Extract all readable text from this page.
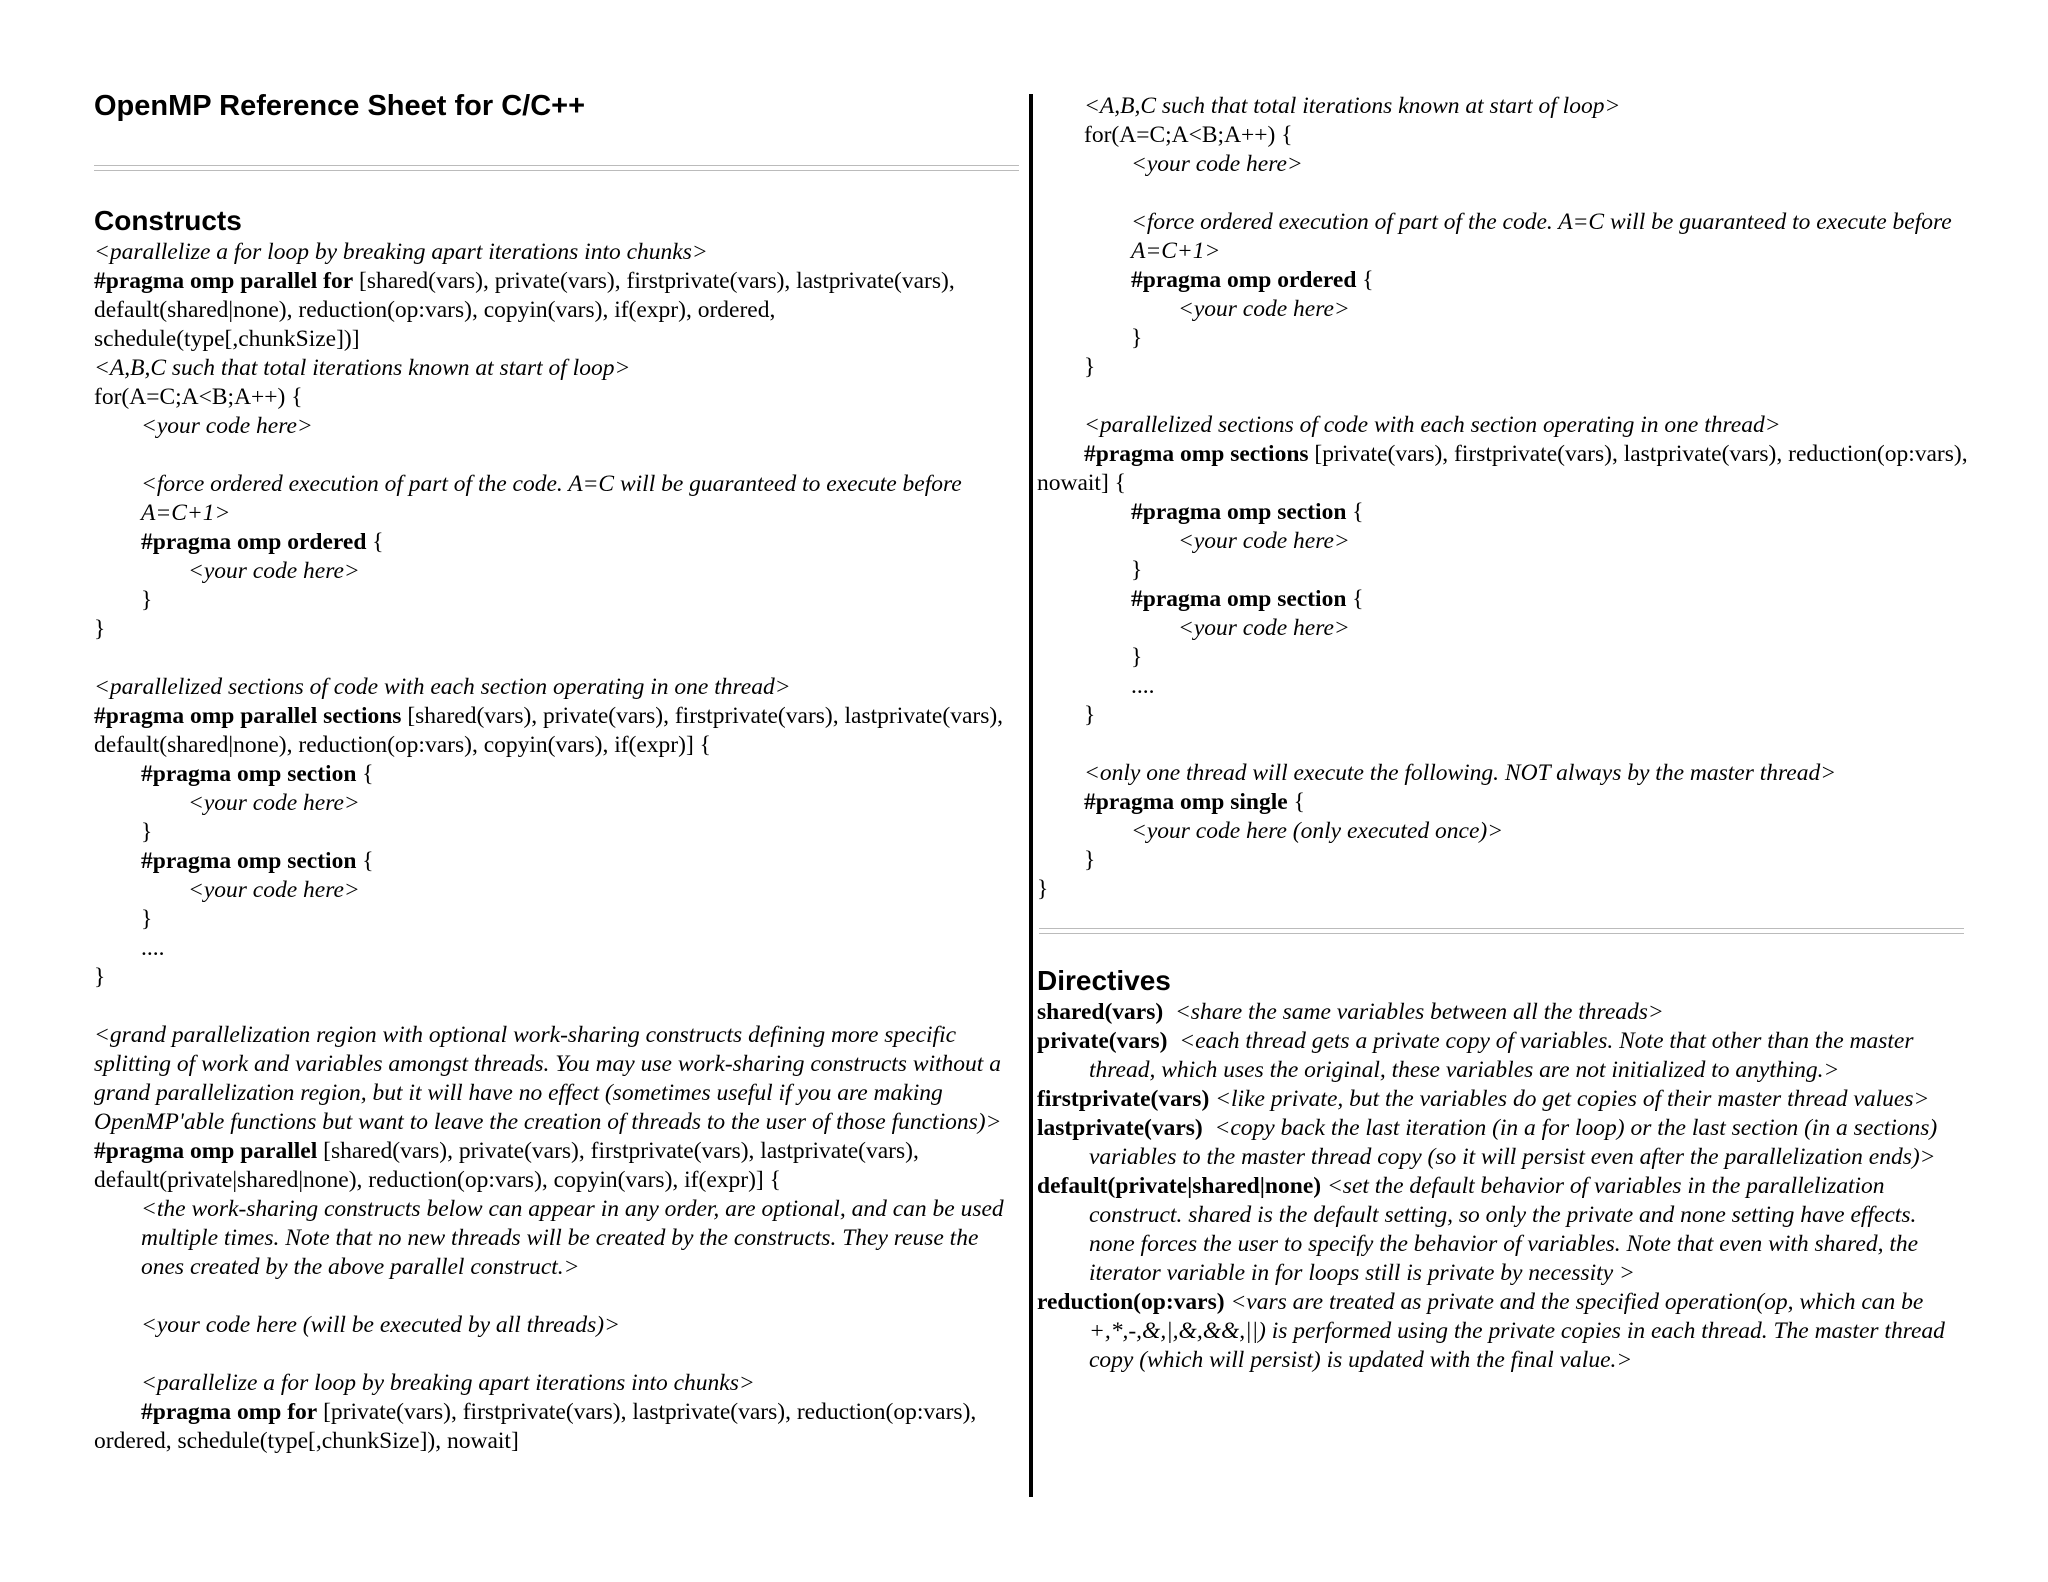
OpenMP Reference Sheet for C/C++
Constructs

<parallelize a for loop by breaking apart iterations into chunks>

#pragma omp parallel for [shared(vars), private(vars), firstprivate(vars), lastprivate(vars), default(shared|none), reduction(op:vars), copyin(vars), if(expr), ordered, schedule(type[,chunkSize])]

<A,B,C such that total iterations known at start of loop>

for(A=C;A<B;A++) {

<your code here>

<force ordered execution of part of the code. A=C will be guaranteed to execute before A=C+1>

#pragma omp ordered {

<your code here>

}

}

<parallelized sections of code with each section operating in one thread>

#pragma omp parallel sections [shared(vars), private(vars), firstprivate(vars), lastprivate(vars), default(shared|none), reduction(op:vars), copyin(vars), if(expr)] {

#pragma omp section {

<your code here>

}

#pragma omp section {

<your code here>

}

....

}

<grand parallelization region with optional work-sharing constructs defining more specific splitting of work and variables amongst threads. You may use work-sharing constructs without a grand parallelization region, but it will have no effect (sometimes useful if you are making OpenMP'able functions but want to leave the creation of threads to the user of those functions)>

#pragma omp parallel [shared(vars), private(vars), firstprivate(vars), lastprivate(vars), default(private|shared|none), reduction(op:vars), copyin(vars), if(expr)] {

<the work-sharing constructs below can appear in any order, are optional, and can be used multiple times. Note that no new threads will be created by the constructs. They reuse the ones created by the above parallel construct.>

<your code here (will be executed by all threads)>

<parallelize a for loop by breaking apart iterations into chunks>

#pragma omp for [private(vars), firstprivate(vars), lastprivate(vars), reduction(op:vars), ordered, schedule(type[,chunkSize]), nowait]

<A,B,C such that total iterations known at start of loop>

for(A=C;A<B;A++) {

<your code here>

<force ordered execution of part of the code. A=C will be guaranteed to execute before A=C+1>

#pragma omp ordered {

<your code here>

}

}

<parallelized sections of code with each section operating in one thread>

#pragma omp sections [private(vars), firstprivate(vars), lastprivate(vars), reduction(op:vars), nowait] {

#pragma omp section {

<your code here>

}

#pragma omp section {

<your code here>

}

....

}

<only one thread will execute the following. NOT always by the master thread>

#pragma omp single {

<your code here (only executed once)>

}

}

Directives

shared(vars) <share the same variables between all the threads>

private(vars) <each thread gets a private copy of variables. Note that other than the master thread, which uses the original, these variables are not initialized to anything.>

firstprivate(vars) <like private, but the variables do get copies of their master thread values>

lastprivate(vars) <copy back the last iteration (in a for loop) or the last section (in a sections) variables to the master thread copy (so it will persist even after the parallelization ends)>

default(private|shared|none) <set the default behavior of variables in the parallelization construct. shared is the default setting, so only the private and none setting have effects. none forces the user to specify the behavior of variables. Note that even with shared, the iterator variable in for loops still is private by necessity >

reduction(op:vars) <vars are treated as private and the specified operation(op, which can be +,*,-,&,|,&,&&,||) is performed using the private copies in each thread. The master thread copy (which will persist) is updated with the final value.>
